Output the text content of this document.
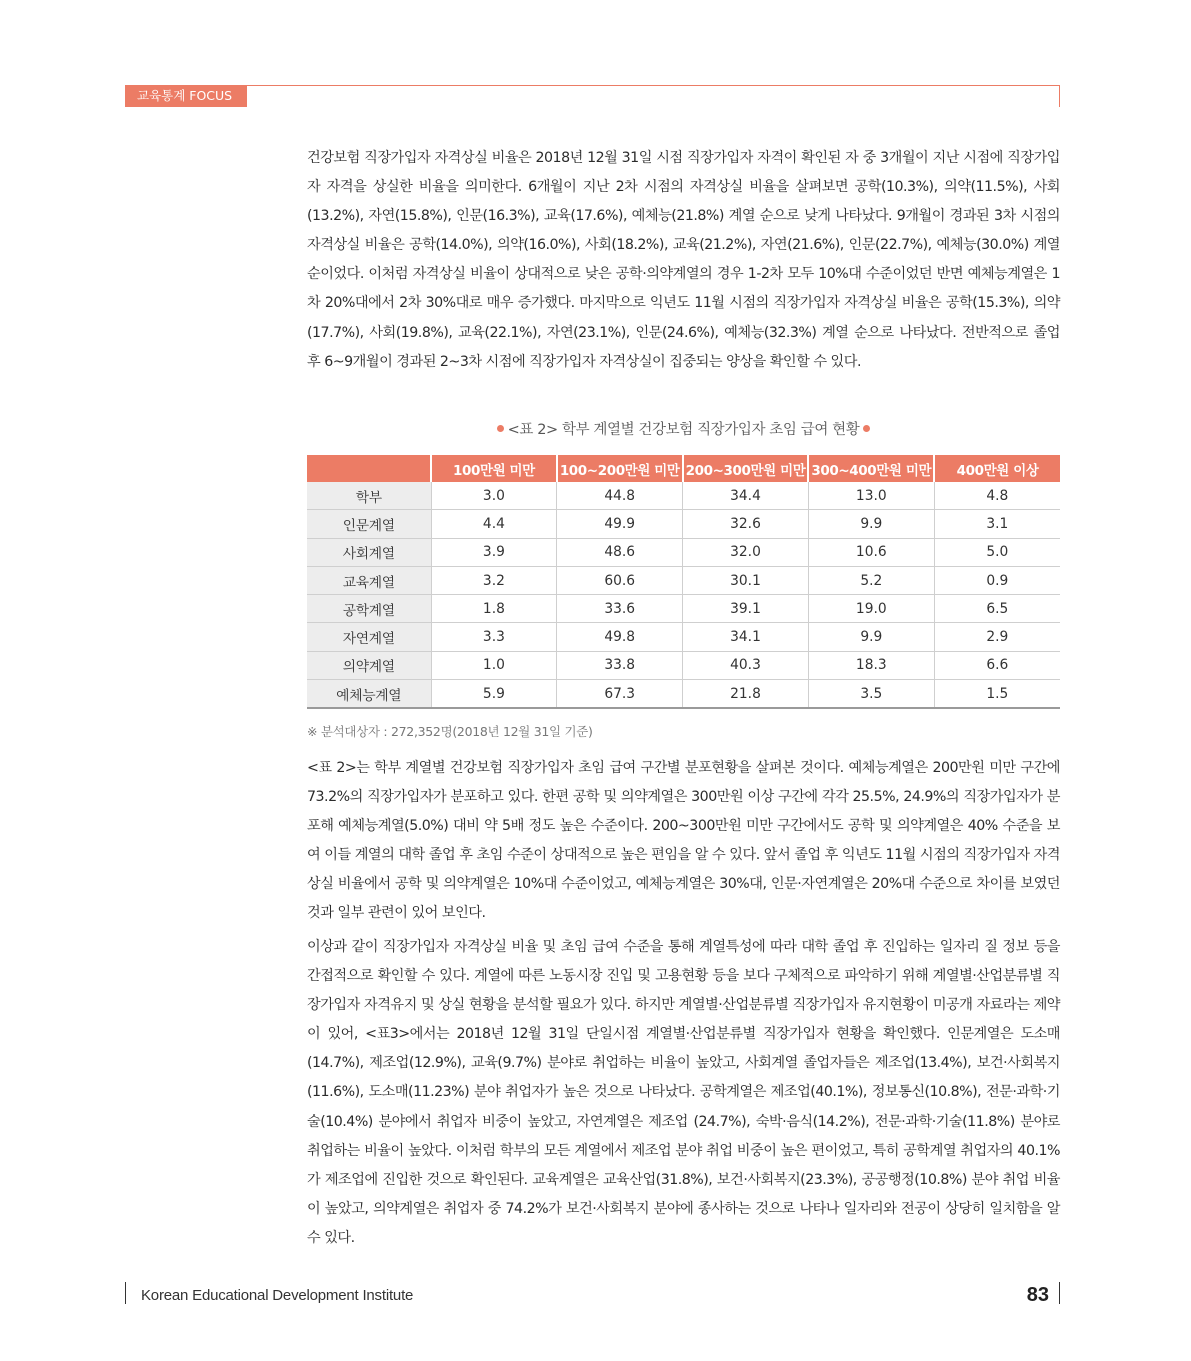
교육통계 FOCUS

건강보험 직장가입자 자격상실 비율은 2018년 12월 31일 시점 직장가입자 자격이 확인된 자 중 3개월이 지난 시점에 직장가입자 자격을 상실한 비율을 의미한다. 6개월이 지난 2차 시점의 자격상실 비율을 살펴보면 공학(10.3%), 의약(11.5%), 사회(13.2%), 자연(15.8%), 인문(16.3%), 교육(17.6%), 예체능(21.8%) 계열 순으로 낮게 나타났다. 9개월이 경과된 3차 시점의 자격상실 비율은 공학(14.0%), 의약(16.0%), 사회(18.2%), 교육(21.2%), 자연(21.6%), 인문(22.7%), 예체능(30.0%) 계열 순이었다. 이처럼 자격상실 비율이 상대적으로 낮은 공학·의약계열의 경우 1-2차 모두 10%대 수준이었던 반면 예체능계열은 1차 20%대에서 2차 30%대로 매우 증가했다. 마지막으로 익년도 11월 시점의 직장가입자 자격상실 비율은 공학(15.3%), 의약(17.7%), 사회(19.8%), 교육(22.1%), 자연(23.1%), 인문(24.6%), 예체능(32.3%) 계열 순으로 나타났다. 전반적으로 졸업 후 6~9개월이 경과된 2~3차 시점에 직장가입자 자격상실이 집중되는 양상을 확인할 수 있다.

<표 2> 학부 계열별 건강보험 직장가입자 초임 급여 현황
	100만원 미만	100~200만원 미만	200~300만원 미만	300~400만원 미만	400만원 이상
학부	3.0	44.8	34.4	13.0	4.8
인문계열	4.4	49.9	32.6	9.9	3.1
사회계열	3.9	48.6	32.0	10.6	5.0
교육계열	3.2	60.6	30.1	5.2	0.9
공학계열	1.8	33.6	39.1	19.0	6.5
자연계열	3.3	49.8	34.1	9.9	2.9
의약계열	1.0	33.8	40.3	18.3	6.6
예체능계열	5.9	67.3	21.8	3.5	1.5
※ 분석대상자 : 272,352명(2018년 12월 31일 기준)

<표 2>는 학부 계열별 건강보험 직장가입자 초임 급여 구간별 분포현황을 살펴본 것이다. 예체능계열은 200만원 미만 구간에 73.2%의 직장가입자가 분포하고 있다. 한편 공학 및 의약계열은 300만원 이상 구간에 각각 25.5%, 24.9%의 직장가입자가 분포해 예체능계열(5.0%) 대비 약 5배 정도 높은 수준이다. 200~300만원 미만 구간에서도 공학 및 의약계열은 40% 수준을 보여 이들 계열의 대학 졸업 후 초임 수준이 상대적으로 높은 편임을 알 수 있다. 앞서 졸업 후 익년도 11월 시점의 직장가입자 자격상실 비율에서 공학 및 의약계열은 10%대 수준이었고, 예체능계열은 30%대, 인문·자연계열은 20%대 수준으로 차이를 보였던 것과 일부 관련이 있어 보인다.

이상과 같이 직장가입자 자격상실 비율 및 초임 급여 수준을 통해 계열특성에 따라 대학 졸업 후 진입하는 일자리 질 정보 등을 간접적으로 확인할 수 있다. 계열에 따른 노동시장 진입 및 고용현황 등을 보다 구체적으로 파악하기 위해 계열별·산업분류별 직장가입자 자격유지 및 상실 현황을 분석할 필요가 있다. 하지만 계열별·산업분류별 직장가입자 유지현황이 미공개 자료라는 제약이 있어, <표3>에서는 2018년 12월 31일 단일시점 계열별·산업분류별 직장가입자 현황을 확인했다. 인문계열은 도소매(14.7%), 제조업(12.9%), 교육(9.7%) 분야로 취업하는 비율이 높았고, 사회계열 졸업자들은 제조업(13.4%), 보건·사회복지(11.6%), 도소매(11.23%) 분야 취업자가 높은 것으로 나타났다. 공학계열은 제조업(40.1%), 정보통신(10.8%), 전문·과학·기술(10.4%) 분야에서 취업자 비중이 높았고, 자연계열은 제조업 (24.7%), 숙박·음식(14.2%), 전문·과학·기술(11.8%) 분야로 취업하는 비율이 높았다. 이처럼 학부의 모든 계열에서 제조업 분야 취업 비중이 높은 편이었고, 특히 공학계열 취업자의 40.1%가 제조업에 진입한 것으로 확인된다. 교육계열은 교육산업(31.8%), 보건·사회복지(23.3%), 공공행정(10.8%) 분야 취업 비율이 높았고, 의약계열은 취업자 중 74.2%가 보건·사회복지 분야에 종사하는 것으로 나타나 일자리와 전공이 상당히 일치함을 알 수 있다.

Korean Educational Development Institute	83
